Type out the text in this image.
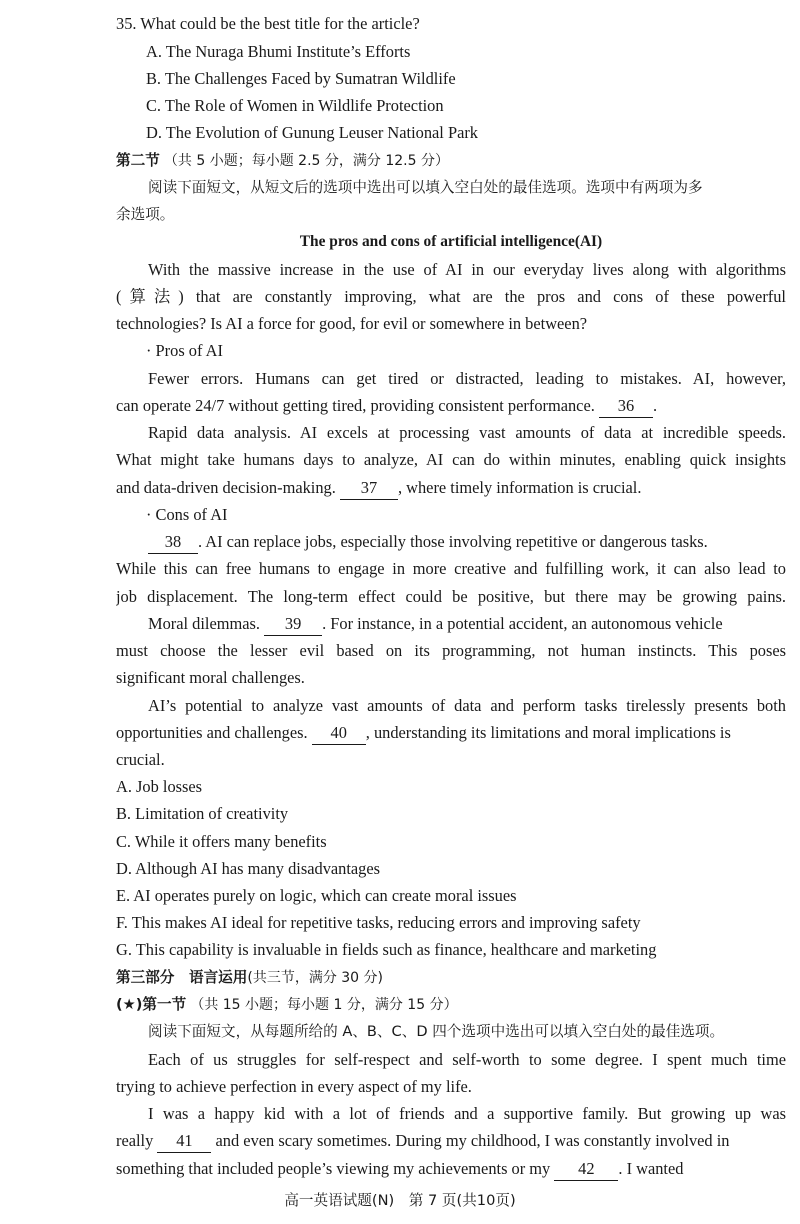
35. What could be the best title for the article?
A. The Nuraga Bhumi Institute’s Efforts
B. The Challenges Faced by Sumatran Wildlife
C. The Role of Women in Wildlife Protection
D. The Evolution of Gunung Leuser National Park
第二节 （共 5 小题；每小题 2.5 分，满分 12.5 分）
阅读下面短文，从短文后的选项中选出可以填入空白处的最佳选项。选项中有两项为多
余选项。
The pros and cons of artificial intelligence(AI)
With the massive increase in the use of AI in our everyday lives along with algorithms
(算法) that are constantly improving, what are the pros and cons of these powerful
technologies? Is AI a force for good, for evil or somewhere in between?
· Pros of AI
Fewer errors. Humans can get tired or distracted, leading to mistakes. AI, however,
can operate 24/7 without getting tired, providing consistent performance. 36 .
Rapid data analysis. AI excels at processing vast amounts of data at incredible speeds.
What might take humans days to analyze, AI can do within minutes, enabling quick insights
and data-driven decision-making. 37 , where timely information is crucial.
· Cons of AI
38 . AI can replace jobs, especially those involving repetitive or dangerous tasks.
While this can free humans to engage in more creative and fulfilling work, it can also lead to
job displacement. The long-term effect could be positive, but there may be growing pains.
Moral dilemmas. 39 . For instance, in a potential accident, an autonomous vehicle
must choose the lesser evil based on its programming, not human instincts. This poses
significant moral challenges.
AI’s potential to analyze vast amounts of data and perform tasks tirelessly presents both
opportunities and challenges. 40 , understanding its limitations and moral implications is
crucial.
A. Job losses
B. Limitation of creativity
C. While it offers many benefits
D. Although AI has many disadvantages
E. AI operates purely on logic, which can create moral issues
F. This makes AI ideal for repetitive tasks, reducing errors and improving safety
G. This capability is invaluable in fields such as finance, healthcare and marketing
第三部分　语言运用(共三节，满分 30 分)
(★)第一节 （共 15 小题；每小题 1 分，满分 15 分）
阅读下面短文，从每题所给的 A、B、C、D 四个选项中选出可以填入空白处的最佳选项。
Each of us struggles for self-respect and self-worth to some degree. I spent much time
trying to achieve perfection in every aspect of my life.
I was a happy kid with a lot of friends and a supportive family. But growing up was
really 41 and even scary sometimes. During my childhood, I was constantly involved in
something that included people’s viewing my achievements or my 42 . I wanted
高一英语试题(N)　第 7 页(共10页)
